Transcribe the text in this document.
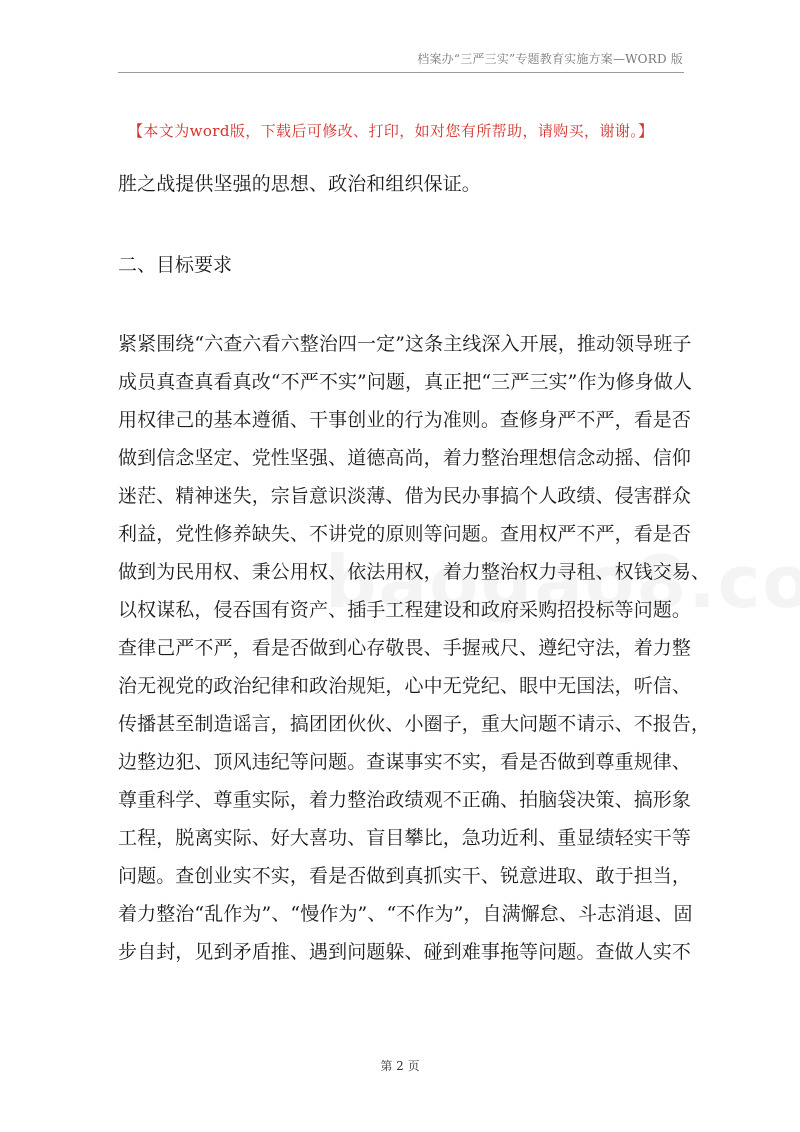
档案办“三严三实”专题教育实施方案—WORD 版
【本文为word版，下载后可修改、打印，如对您有所帮助，请购买，谢谢。】
胜之战提供坚强的思想、政治和组织保证。
二、目标要求
紧紧围绕“六查六看六整治四一定”这条主线深入开展，推动领导班子
成员真查真看真改“不严不实”问题，真正把“三严三实”作为修身做人
用权律己的基本遵循、干事创业的行为准则。查修身严不严，看是否
做到信念坚定、党性坚强、道德高尚，着力整治理想信念动摇、信仰
迷茫、精神迷失，宗旨意识淡薄、借为民办事搞个人政绩、侵害群众
利益，党性修养缺失、不讲党的原则等问题。查用权严不严，看是否
做到为民用权、秉公用权、依法用权，着力整治权力寻租、权钱交易、
以权谋私，侵吞国有资产、插手工程建设和政府采购招投标等问题。
查律己严不严，看是否做到心存敬畏、手握戒尺、遵纪守法，着力整
治无视党的政治纪律和政治规矩，心中无党纪、眼中无国法，听信、
传播甚至制造谣言，搞团团伙伙、小圈子，重大问题不请示、不报告，
边整边犯、顶风违纪等问题。查谋事实不实，看是否做到尊重规律、
尊重科学、尊重实际，着力整治政绩观不正确、拍脑袋决策、搞形象
工程，脱离实际、好大喜功、盲目攀比，急功近利、重显绩轻实干等
问题。查创业实不实，看是否做到真抓实干、锐意进取、敢于担当，
着力整治“乱作为”、“慢作为”、“不作为”，自满懈怠、斗志消退、固
步自封，见到矛盾推、遇到问题躲、碰到难事拖等问题。查做人实不
第 2 页
